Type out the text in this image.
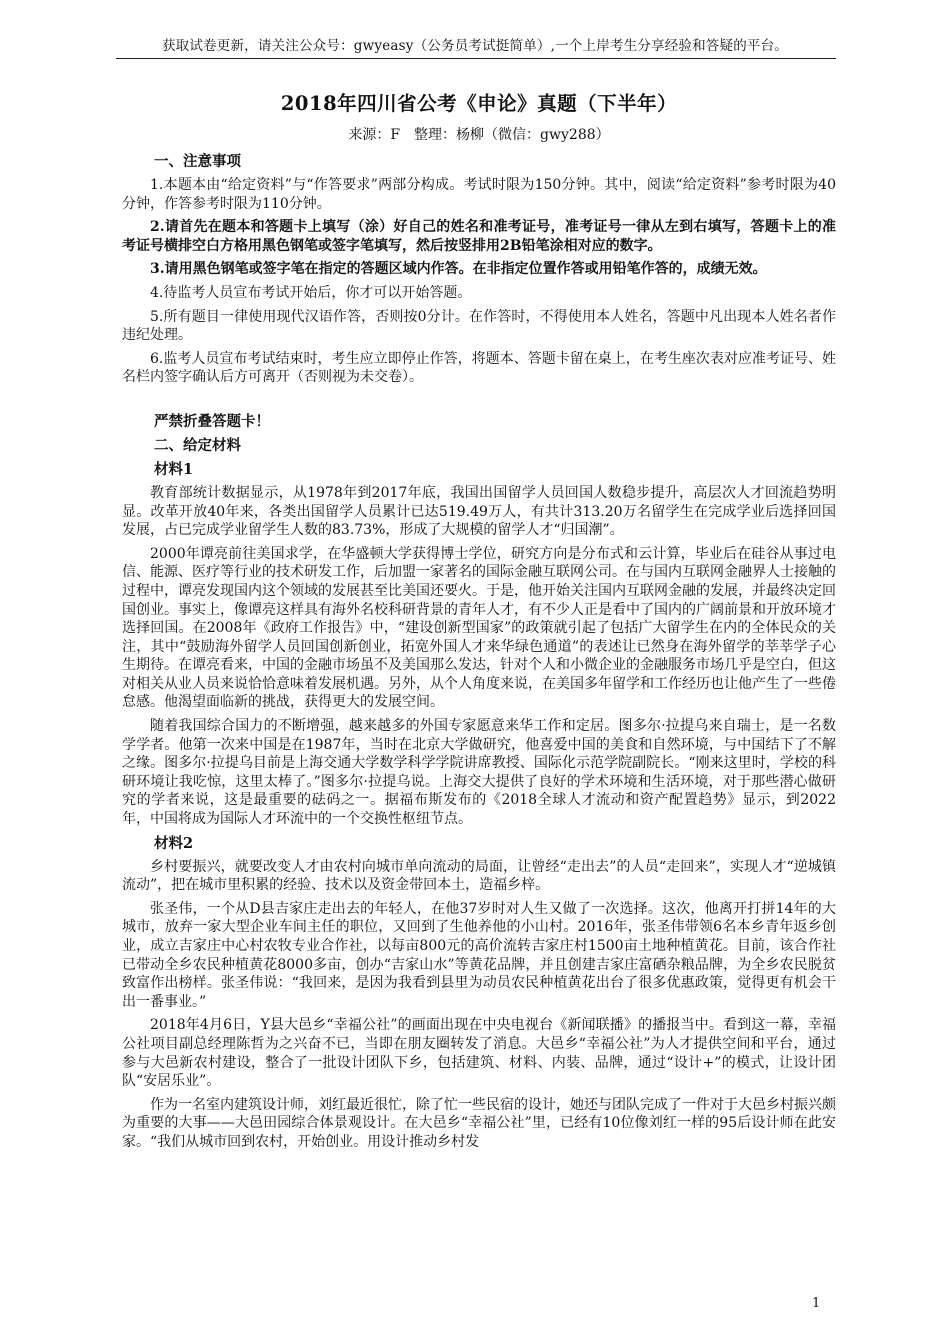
获取试卷更新，请关注公众号：gwyeasy（公务员考试挺简单）,一个上岸考生分享经验和答疑的平台。
2018年四川省公考《申论》真题（下半年）
来源：F　整理：杨柳（微信：gwy288）
一、注意事项
1.本题本由“给定资料”与“作答要求”两部分构成。考试时限为150分钟。其中，阅读“给定资料”参考时限为40分钟，作答参考时限为110分钟。
2.请首先在题本和答题卡上填写（涂）好自己的姓名和准考证号，准考证号一律从左到右填写，答题卡上的准考证号横排空白方格用黑色钢笔或签字笔填写，然后按竖排用2B铅笔涂相对应的数字。
3.请用黑色钢笔或签字笔在指定的答题区域内作答。在非指定位置作答或用铅笔作答的，成绩无效。
4.待监考人员宣布考试开始后，你才可以开始答题。
5.所有题目一律使用现代汉语作答，否则按0分计。在作答时，不得使用本人姓名，答题中凡出现本人姓名者作违纪处理。
6.监考人员宣布考试结束时，考生应立即停止作答，将题本、答题卡留在桌上，在考生座次表对应准考证号、姓名栏内签字确认后方可离开（否则视为未交卷）。
严禁折叠答题卡！
二、给定材料
材料1
教育部统计数据显示，从1978年到2017年底，我国出国留学人员回国人数稳步提升，高层次人才回流趋势明显。改革开放40年来，各类出国留学人员累计已达519.49万人，有共计313.20万名留学生在完成学业后选择回国发展，占已完成学业留学生人数的83.73%，形成了大规模的留学人才“归国潮”。
2000年谭亮前往美国求学，在华盛顿大学获得博士学位，研究方向是分布式和云计算，毕业后在硅谷从事过电信、能源、医疗等行业的技术研发工作，后加盟一家著名的国际金融互联网公司。在与国内互联网金融界人士接触的过程中，谭亮发现国内这个领域的发展甚至比美国还要火。于是，他开始关注国内互联网金融的发展，并最终决定回国创业。事实上，像谭亮这样具有海外名校科研背景的青年人才，有不少人正是看中了国内的广阔前景和开放环境才选择回国。在2008年《政府工作报告》中，“建设创新型国家”的政策就引起了包括广大留学生在内的全体民众的关注，其中“鼓励海外留学人员回国创新创业，拓宽外国人才来华绿色通道”的表述让已然身在海外留学的莘莘学子心生期待。在谭亮看来，中国的金融市场虽不及美国那么发达，针对个人和小微企业的金融服务市场几乎是空白，但这对相关从业人员来说恰恰意味着发展机遇。另外，从个人角度来说，在美国多年留学和工作经历也让他产生了一些倦怠感。他渴望面临新的挑战，获得更大的发展空间。
随着我国综合国力的不断增强，越来越多的外国专家愿意来华工作和定居。图多尔·拉提乌来自瑞士，是一名数学学者。他第一次来中国是在1987年，当时在北京大学做研究，他喜爱中国的美食和自然环境，与中国结下了不解之缘。图多尔·拉提乌目前是上海交通大学数学科学学院讲席教授、国际化示范学院副院长。“刚来这里时，学校的科研环境让我吃惊，这里太棒了。”图多尔·拉提乌说。上海交大提供了良好的学术环境和生活环境，对于那些潜心做研究的学者来说，这是最重要的砝码之一。据福布斯发布的《2018全球人才流动和资产配置趋势》显示，到2022年，中国将成为国际人才环流中的一个交换性枢纽节点。
材料2
乡村要振兴，就要改变人才由农村向城市单向流动的局面，让曾经“走出去”的人员“走回来”，实现人才“逆城镇流动”，把在城市里积累的经验、技术以及资金带回本土，造福乡梓。
张圣伟，一个从D县吉家庄走出去的年轻人，在他37岁时对人生又做了一次选择。这次，他离开打拼14年的大城市，放弃一家大型企业车间主任的职位，又回到了生他养他的小山村。2016年，张圣伟带领6名本乡青年返乡创业，成立吉家庄中心村农牧专业合作社，以每亩800元的高价流转吉家庄村1500亩土地种植黄花。目前，该合作社已带动全乡农民种植黄花8000多亩，创办“吉家山水”等黄花品牌，并且创建吉家庄富硒杂粮品牌，为全乡农民脱贫致富作出榜样。张圣伟说：“我回来，是因为我看到县里为动员农民种植黄花出台了很多优惠政策，觉得更有机会干出一番事业。”
2018年4月6日，Y县大邑乡“幸福公社”的画面出现在中央电视台《新闻联播》的播报当中。看到这一幕，幸福公社项目副总经理陈哲为之兴奋不已，当即在朋友圈转发了消息。大邑乡“幸福公社”为人才提供空间和平台，通过参与大邑新农村建设，整合了一批设计团队下乡，包括建筑、材料、内装、品牌，通过“设计+”的模式，让设计团队“安居乐业”。
作为一名室内建筑设计师，刘红最近很忙，除了忙一些民宿的设计，她还与团队完成了一件对于大邑乡村振兴颇为重要的大事——大邑田园综合体景观设计。在大邑乡“幸福公社”里，已经有10位像刘红一样的95后设计师在此安家。“我们从城市回到农村，开始创业。用设计推动乡村发
1
